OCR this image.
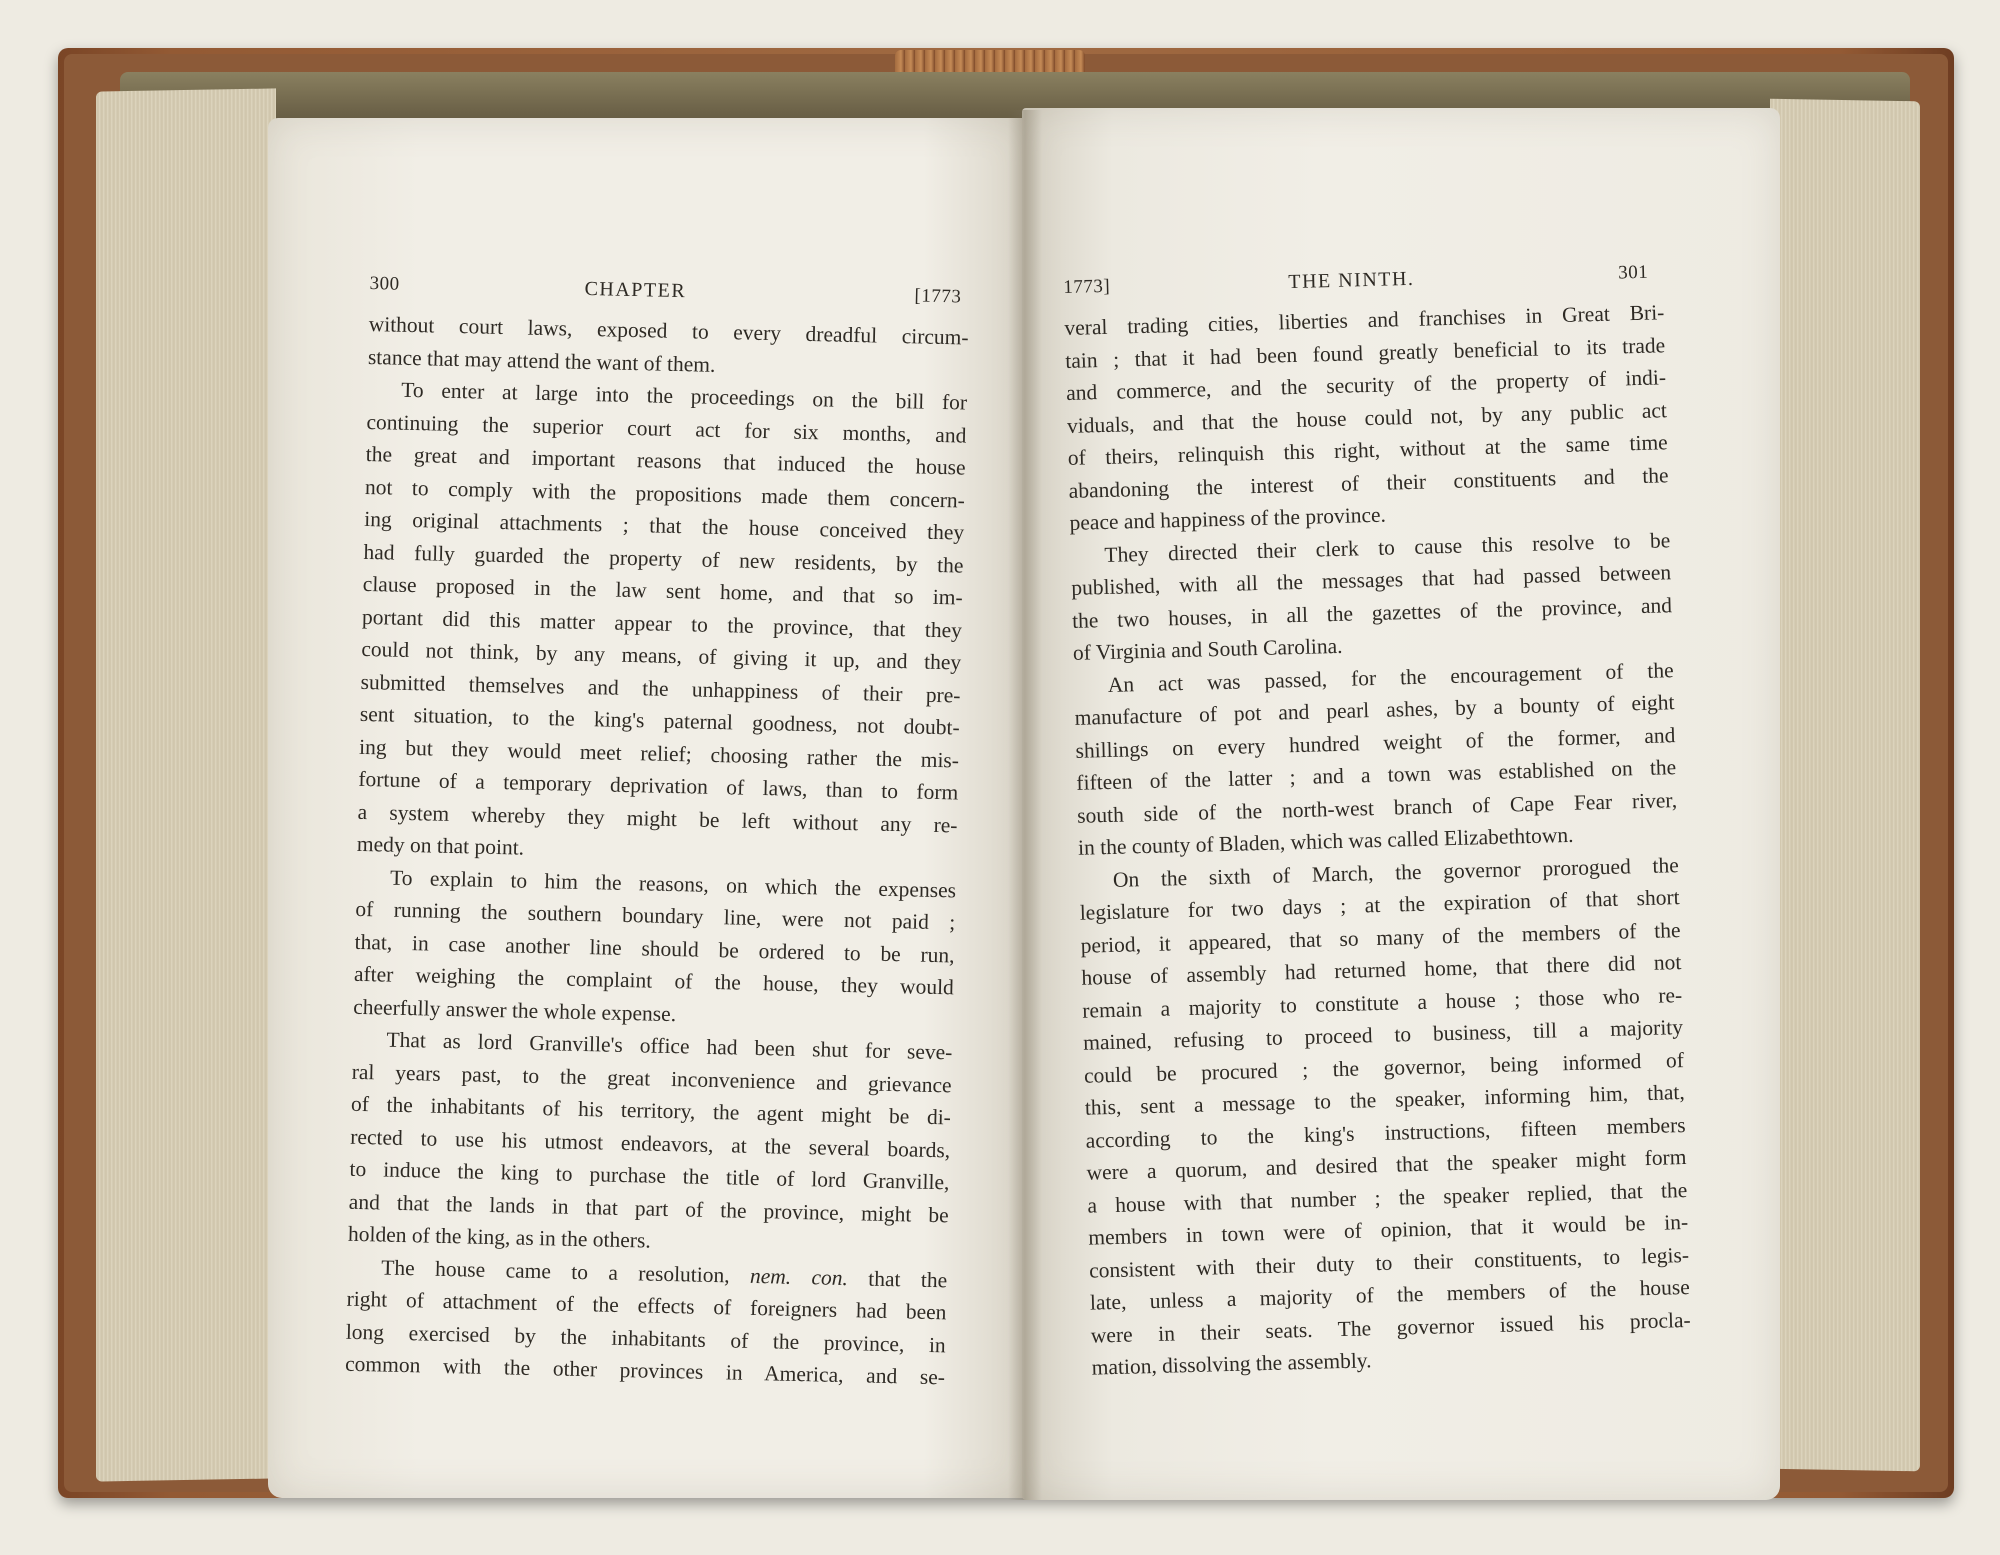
300	CHAPTER	[1773
without court laws, exposed to every dreadful circum-
stance that may attend the want of them.
To enter at large into the proceedings on the bill for
continuing the superior court act for six months, and
the great and important reasons that induced the house
not to comply with the propositions made them concern-
ing original attachments ; that the house conceived they
had fully guarded the property of new residents, by the
clause proposed in the law sent home, and that so im-
portant did this matter appear to the province, that they
could not think, by any means, of giving it up, and they
submitted themselves and the unhappiness of their pre-
sent situation, to the king's paternal goodness, not doubt-
ing but they would meet relief; choosing rather the mis-
fortune of a temporary deprivation of laws, than to form
a system whereby they might be left without any re-
medy on that point.
To explain to him the reasons, on which the expenses
of running the southern boundary line, were not paid ;
that, in case another line should be ordered to be run,
after weighing the complaint of the house, they would
cheerfully answer the whole expense.
That as lord Granville's office had been shut for seve-
ral years past, to the great inconvenience and grievance
of the inhabitants of his territory, the agent might be di-
rected to use his utmost endeavors, at the several boards,
to induce the king to purchase the title of lord Granville,
and that the lands in that part of the province, might be
holden of the king, as in the others.
The house came to a resolution, nem. con. that the
right of attachment of the effects of foreigners had been
long exercised by the inhabitants of the province, in
common with the other provinces in America, and se-
1773]	THE NINTH.	301
veral trading cities, liberties and franchises in Great Bri-
tain ; that it had been found greatly beneficial to its trade
and commerce, and the security of the property of indi-
viduals, and that the house could not, by any public act
of theirs, relinquish this right, without at the same time
abandoning the interest of their constituents and the
peace and happiness of the province.
They directed their clerk to cause this resolve to be
published, with all the messages that had passed between
the two houses, in all the gazettes of the province, and
of Virginia and South Carolina.
An act was passed, for the encouragement of the
manufacture of pot and pearl ashes, by a bounty of eight
shillings on every hundred weight of the former, and
fifteen of the latter ; and a town was established on the
south side of the north-west branch of Cape Fear river,
in the county of Bladen, which was called Elizabethtown.
On the sixth of March, the governor prorogued the
legislature for two days ; at the expiration of that short
period, it appeared, that so many of the members of the
house of assembly had returned home, that there did not
remain a majority to constitute a house ; those who re-
mained, refusing to proceed to business, till a majority
could be procured ; the governor, being informed of
this, sent a message to the speaker, informing him, that,
according to the king's instructions, fifteen members
were a quorum, and desired that the speaker might form
a house with that number ; the speaker replied, that the
members in town were of opinion, that it would be in-
consistent with their duty to their constituents, to legis-
late, unless a majority of the members of the house
were in their seats. The governor issued his procla-
mation, dissolving the assembly.
